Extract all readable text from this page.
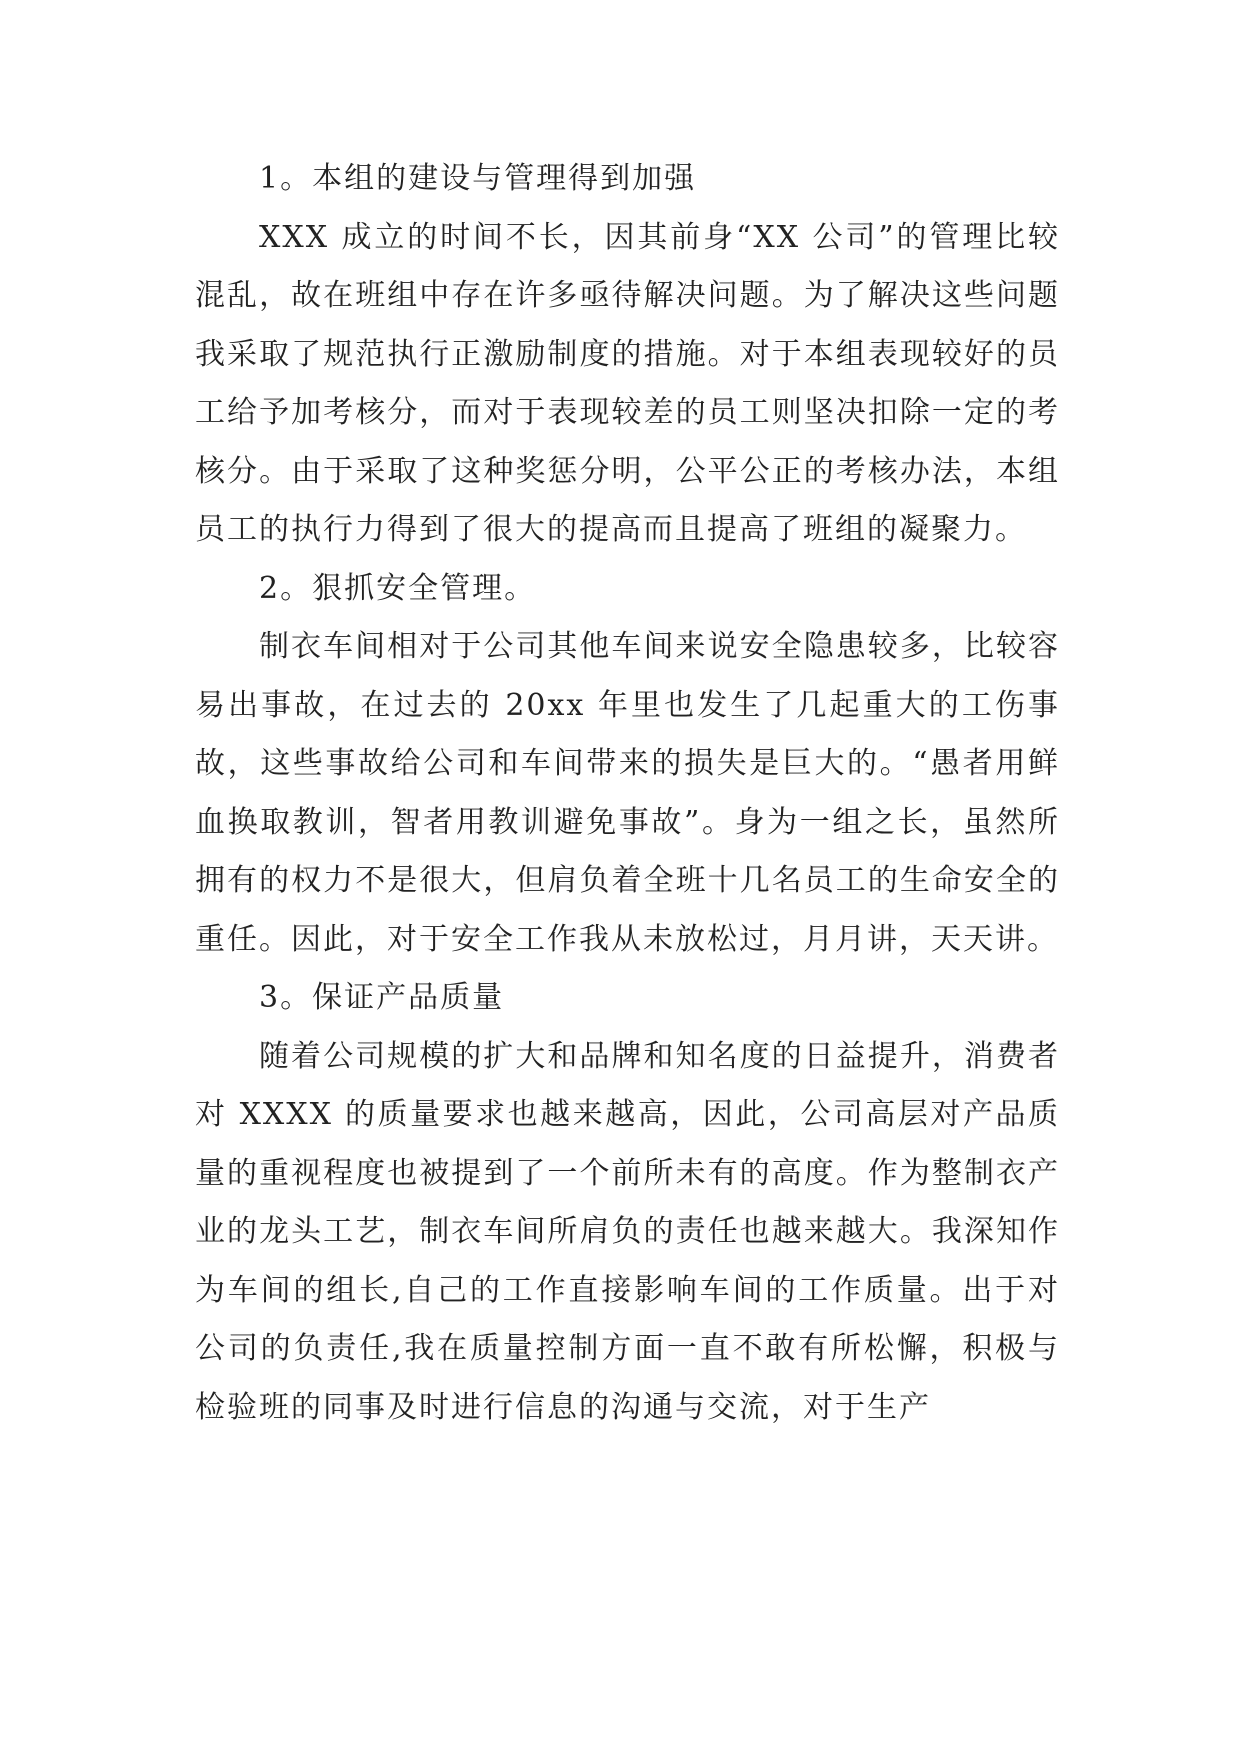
1。本组的建设与管理得到加强

XXX 成立的时间不长，因其前身“XX 公司”的管理比较混乱，故在班组中存在许多亟待解决问题。为了解决这些问题我采取了规范执行正激励制度的措施。对于本组表现较好的员工给予加考核分，而对于表现较差的员工则坚决扣除一定的考核分。由于采取了这种奖惩分明，公平公正的考核办法，本组员工的执行力得到了很大的提高而且提高了班组的凝聚力。

2。狠抓安全管理。

制衣车间相对于公司其他车间来说安全隐患较多，比较容易出事故，在过去的 20xx 年里也发生了几起重大的工伤事故，这些事故给公司和车间带来的损失是巨大的。“愚者用鲜血换取教训，智者用教训避免事故”。身为一组之长，虽然所拥有的权力不是很大，但肩负着全班十几名员工的生命安全的重任。因此，对于安全工作我从未放松过，月月讲，天天讲。

3。保证产品质量

随着公司规模的扩大和品牌和知名度的日益提升，消费者对 XXXX 的质量要求也越来越高，因此，公司高层对产品质量的重视程度也被提到了一个前所未有的高度。作为整制衣产业的龙头工艺，制衣车间所肩负的责任也越来越大。我深知作为车间的组长,自己的工作直接影响车间的工作质量。出于对公司的负责任,我在质量控制方面一直不敢有所松懈，积极与检验班的同事及时进行信息的沟通与交流，对于生产
